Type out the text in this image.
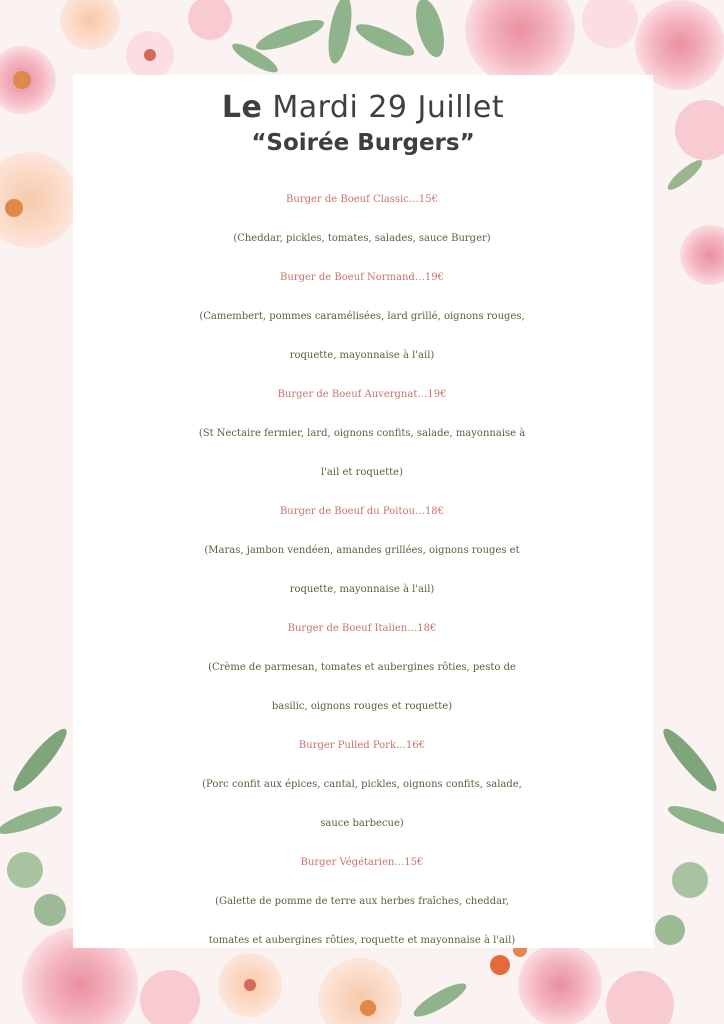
Le Mardi 29 Juillet
“Soirée Burgers”
Burger de Boeuf Classic…15€
(Cheddar, pickles, tomates, salades, sauce Burger)
Burger de Boeuf Normand…19€
(Camembert, pommes caramélisées, lard grillé, oignons rouges,
roquette, mayonnaise à l'ail)
Burger de Boeuf Auvergnat…19€
(St Nectaire fermier, lard, oignons confits, salade, mayonnaise à
l'ail et roquette)
Burger de Boeuf du Poitou…18€
(Maras, jambon vendéen, amandes grillées, oignons rouges et
roquette, mayonnaise à l'ail)
Burger de Boeuf Italien…18€
(Crème de parmesan, tomates et aubergines rôties, pesto de
basilic, oignons rouges et roquette)
Burger Pulled Pork…16€
(Porc confit aux épices, cantal, pickles, oignons confits, salade,
sauce barbecue)
Burger Végétarien…15€
(Galette de pomme de terre aux herbes fraîches, cheddar,
tomates et aubergines rôties, roquette et mayonnaise à l'ail)
